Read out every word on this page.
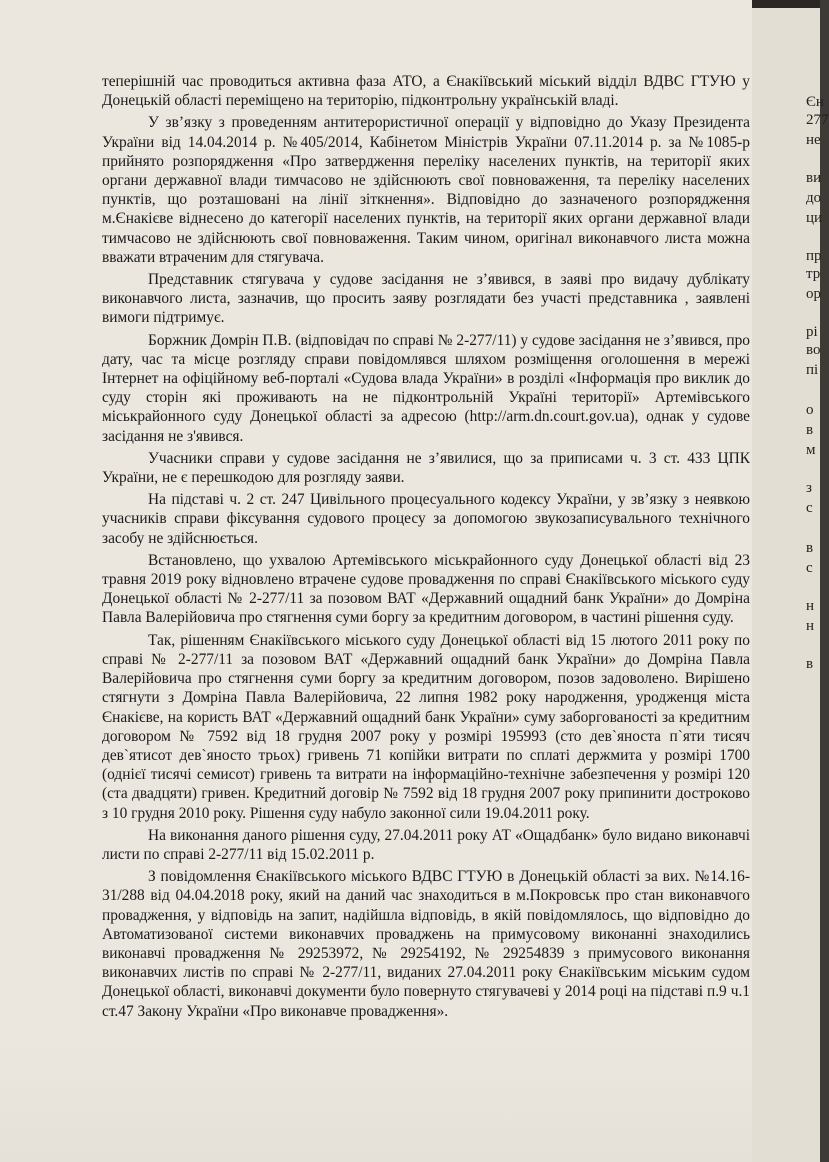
теперішній час проводиться активна фаза АТО, а Єнакіївський міський відділ ВДВС ГТУЮ у Донецькій області переміщено на територію, підконтрольну українській владі.

У зв’язку з проведенням антитерористичної операції у відповідно до Указу Президента України від 14.04.2014 р. №405/2014, Кабінетом Міністрів України 07.11.2014 р. за №1085-р прийнято розпорядження «Про затвердження переліку населених пунктів, на території яких органи державної влади тимчасово не здійснюють свої повноваження, та переліку населених пунктів, що розташовані на лінії зіткнення». Відповідно до зазначеного розпорядження м.Єнакієве віднесено до категорії населених пунктів, на території яких органи державної влади тимчасово не здійснюють свої повноваження. Таким чином, оригінал виконавчого листа можна вважати втраченим для стягувача.

Представник стягувача у судове засідання не з’явився, в заяві про видачу дублікату виконавчого листа, зазначив, що просить заяву розглядати без участі представника , заявлені вимоги підтримує.

Боржник Домрін П.В. (відповідач по справі № 2-277/11) у судове засідання не з’явився, про дату, час та місце розгляду справи повідомлявся шляхом розміщення оголошення в мережі Інтернет на офіційному веб-порталі «Судова влада України» в розділі «Інформація про виклик до суду сторін які проживають на не підконтрольній Україні території» Артемівського міськрайонного суду Донецької області за адресою (http://arm.dn.court.gov.ua), однак у судове засідання не з'явився.

Учасники справи у судове засідання не з’явилися, що за приписами ч. 3 ст. 433 ЦПК України, не є перешкодою для розгляду заяви.

На підставі ч. 2 ст. 247 Цивільного процесуального кодексу України, у зв’язку з неявкою учасників справи фіксування судового процесу за допомогою звукозаписувального технічного засобу не здійснюється.

Встановлено, що ухвалою Артемівського міськрайонного суду Донецької області від 23 травня 2019 року відновлено втрачене судове провадження по справі Єнакіївського міського суду Донецької області № 2-277/11 за позовом ВАТ «Державний ощадний банк України» до Домріна Павла Валерійовича про стягнення суми боргу за кредитним договором, в частині рішення суду.

Так, рішенням Єнакіївського міського суду Донецької області від 15 лютого 2011 року по справі № 2-277/11 за позовом ВАТ «Державний ощадний банк України» до Домріна Павла Валерійовича про стягнення суми боргу за кредитним договором, позов задоволено. Вирішено стягнути з Домріна Павла Валерійовича, 22 липня 1982 року народження, уродженця міста Єнакієве, на користь ВАТ «Державний ощадний банк України» суму заборгованості за кредитним договором № 7592 від 18 грудня 2007 року у розмірі 195993 (сто дев`яноста п`яти тисяч дев`ятисот дев`яносто трьох) гривень 71 копійки витрати по сплаті держмита у розмірі 1700 (однієї тисячі семисот) гривень та витрати на інформаційно-технічне забезпечення у розмірі 120 (ста двадцяти) гривен. Кредитний договір № 7592 від 18 грудня 2007 року припинити достроково з 10 грудня 2010 року. Рішення суду набуло законної сили 19.04.2011 року.

На виконання даного рішення суду, 27.04.2011 року АТ «Ощадбанк» було видано виконавчі листи по справі 2-277/11 від 15.02.2011 р.

З повідомлення Єнакіївського міського ВДВС ГТУЮ в Донецькій області за вих. №14.16-31/288 від 04.04.2018 року, який на даний час знаходиться в м.Покровськ про стан виконавчого провадження, у відповідь на запит, надійшла відповідь, в якій повідомлялось, що відповідно до Автоматизованої системи виконавчих проваджень на примусовому виконанні знаходились виконавчі провадження № 29253972, № 29254192, № 29254839 з примусового виконання виконавчих листів по справі № 2-277/11, виданих 27.04.2011 року Єнакіївським міським судом Донецької області, виконавчі документи було повернуто стягувачеві у 2014 році на підставі п.9 ч.1 ст.47 Закону України «Про виконавче провадження».

Єн
277
не
ви
до
ци
пр
тр
ор
рі
во
пі
о
в
м
з
с
в
с
н
н
в
